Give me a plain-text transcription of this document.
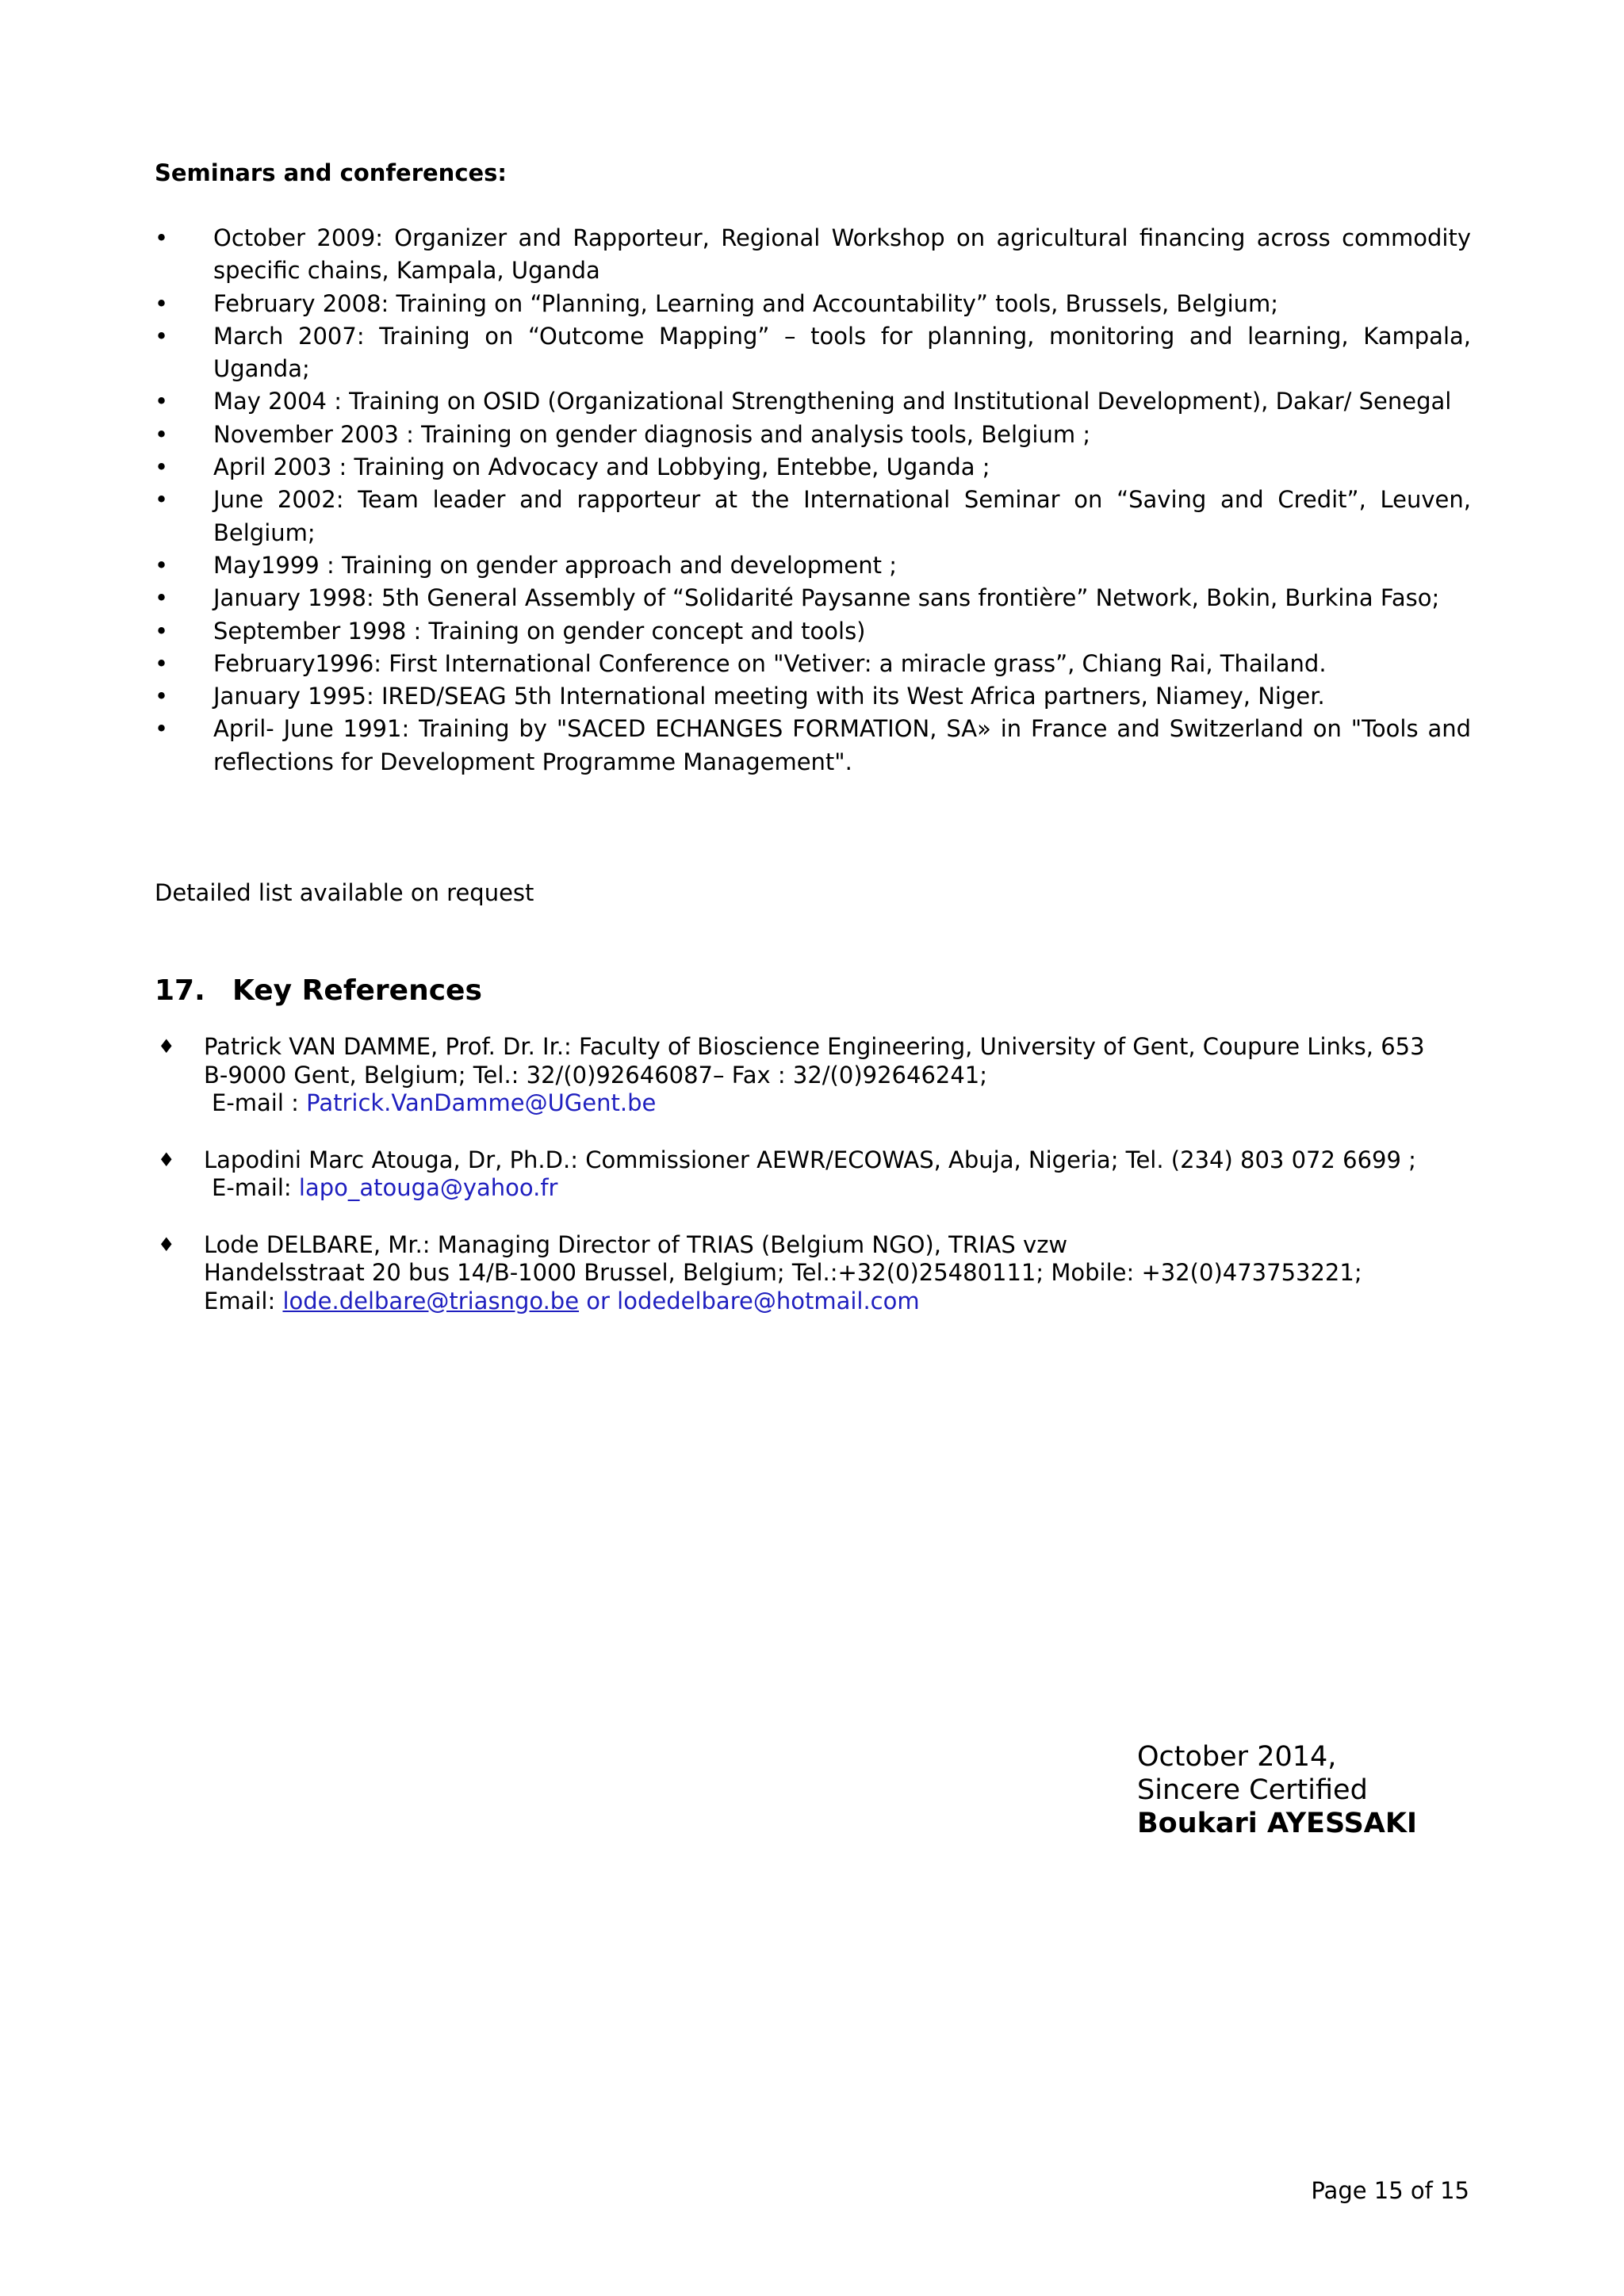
Seminars and conferences:
• October 2009: Organizer and Rapporteur, Regional Workshop on agricultural financing across commodity specific chains, Kampala, Uganda
• February 2008: Training on “Planning, Learning and Accountability” tools, Brussels, Belgium;
• March 2007: Training on “Outcome Mapping” – tools for planning, monitoring and learning, Kampala, Uganda;
• May 2004 : Training on OSID (Organizational Strengthening and Institutional Development), Dakar/ Senegal
• November 2003 : Training on gender diagnosis and analysis tools, Belgium ;
• April 2003 : Training on Advocacy and Lobbying, Entebbe, Uganda ;
• June 2002: Team leader and rapporteur at the International Seminar on “Saving and Credit”, Leuven, Belgium;
• May1999 : Training on gender approach and development ;
• January 1998: 5th General Assembly of “Solidarité Paysanne sans frontière” Network, Bokin, Burkina Faso;
• September 1998 : Training on gender concept and tools)
• February1996: First International Conference on "Vetiver: a miracle grass”, Chiang Rai, Thailand.
• January 1995: IRED/SEAG 5th International meeting with its West Africa partners, Niamey, Niger.
• April- June 1991: Training by "SACED ECHANGES FORMATION, SA» in France and Switzerland on "Tools and reflections for Development Programme Management".

Detailed list available on request

17. Key References
♦ Patrick VAN DAMME, Prof. Dr. Ir.: Faculty of Bioscience Engineering, University of Gent, Coupure Links, 653
B-9000 Gent, Belgium; Tel.: 32/(0)92646087– Fax : 32/(0)92646241;
E-mail : Patrick.VanDamme@UGent.be
♦ Lapodini Marc Atouga, Dr, Ph.D.: Commissioner AEWR/ECOWAS, Abuja, Nigeria; Tel. (234) 803 072 6699 ;
E-mail: lapo_atouga@yahoo.fr
♦ Lode DELBARE, Mr.: Managing Director of TRIAS (Belgium NGO), TRIAS vzw
Handelsstraat 20 bus 14/B-1000 Brussel, Belgium; Tel.:+32(0)25480111; Mobile: +32(0)473753221;
Email: lode.delbare@triasngo.be or lodedelbare@hotmail.com
October 2014,
Sincere Certified
Boukari AYESSAKI
Page 15 of 15
